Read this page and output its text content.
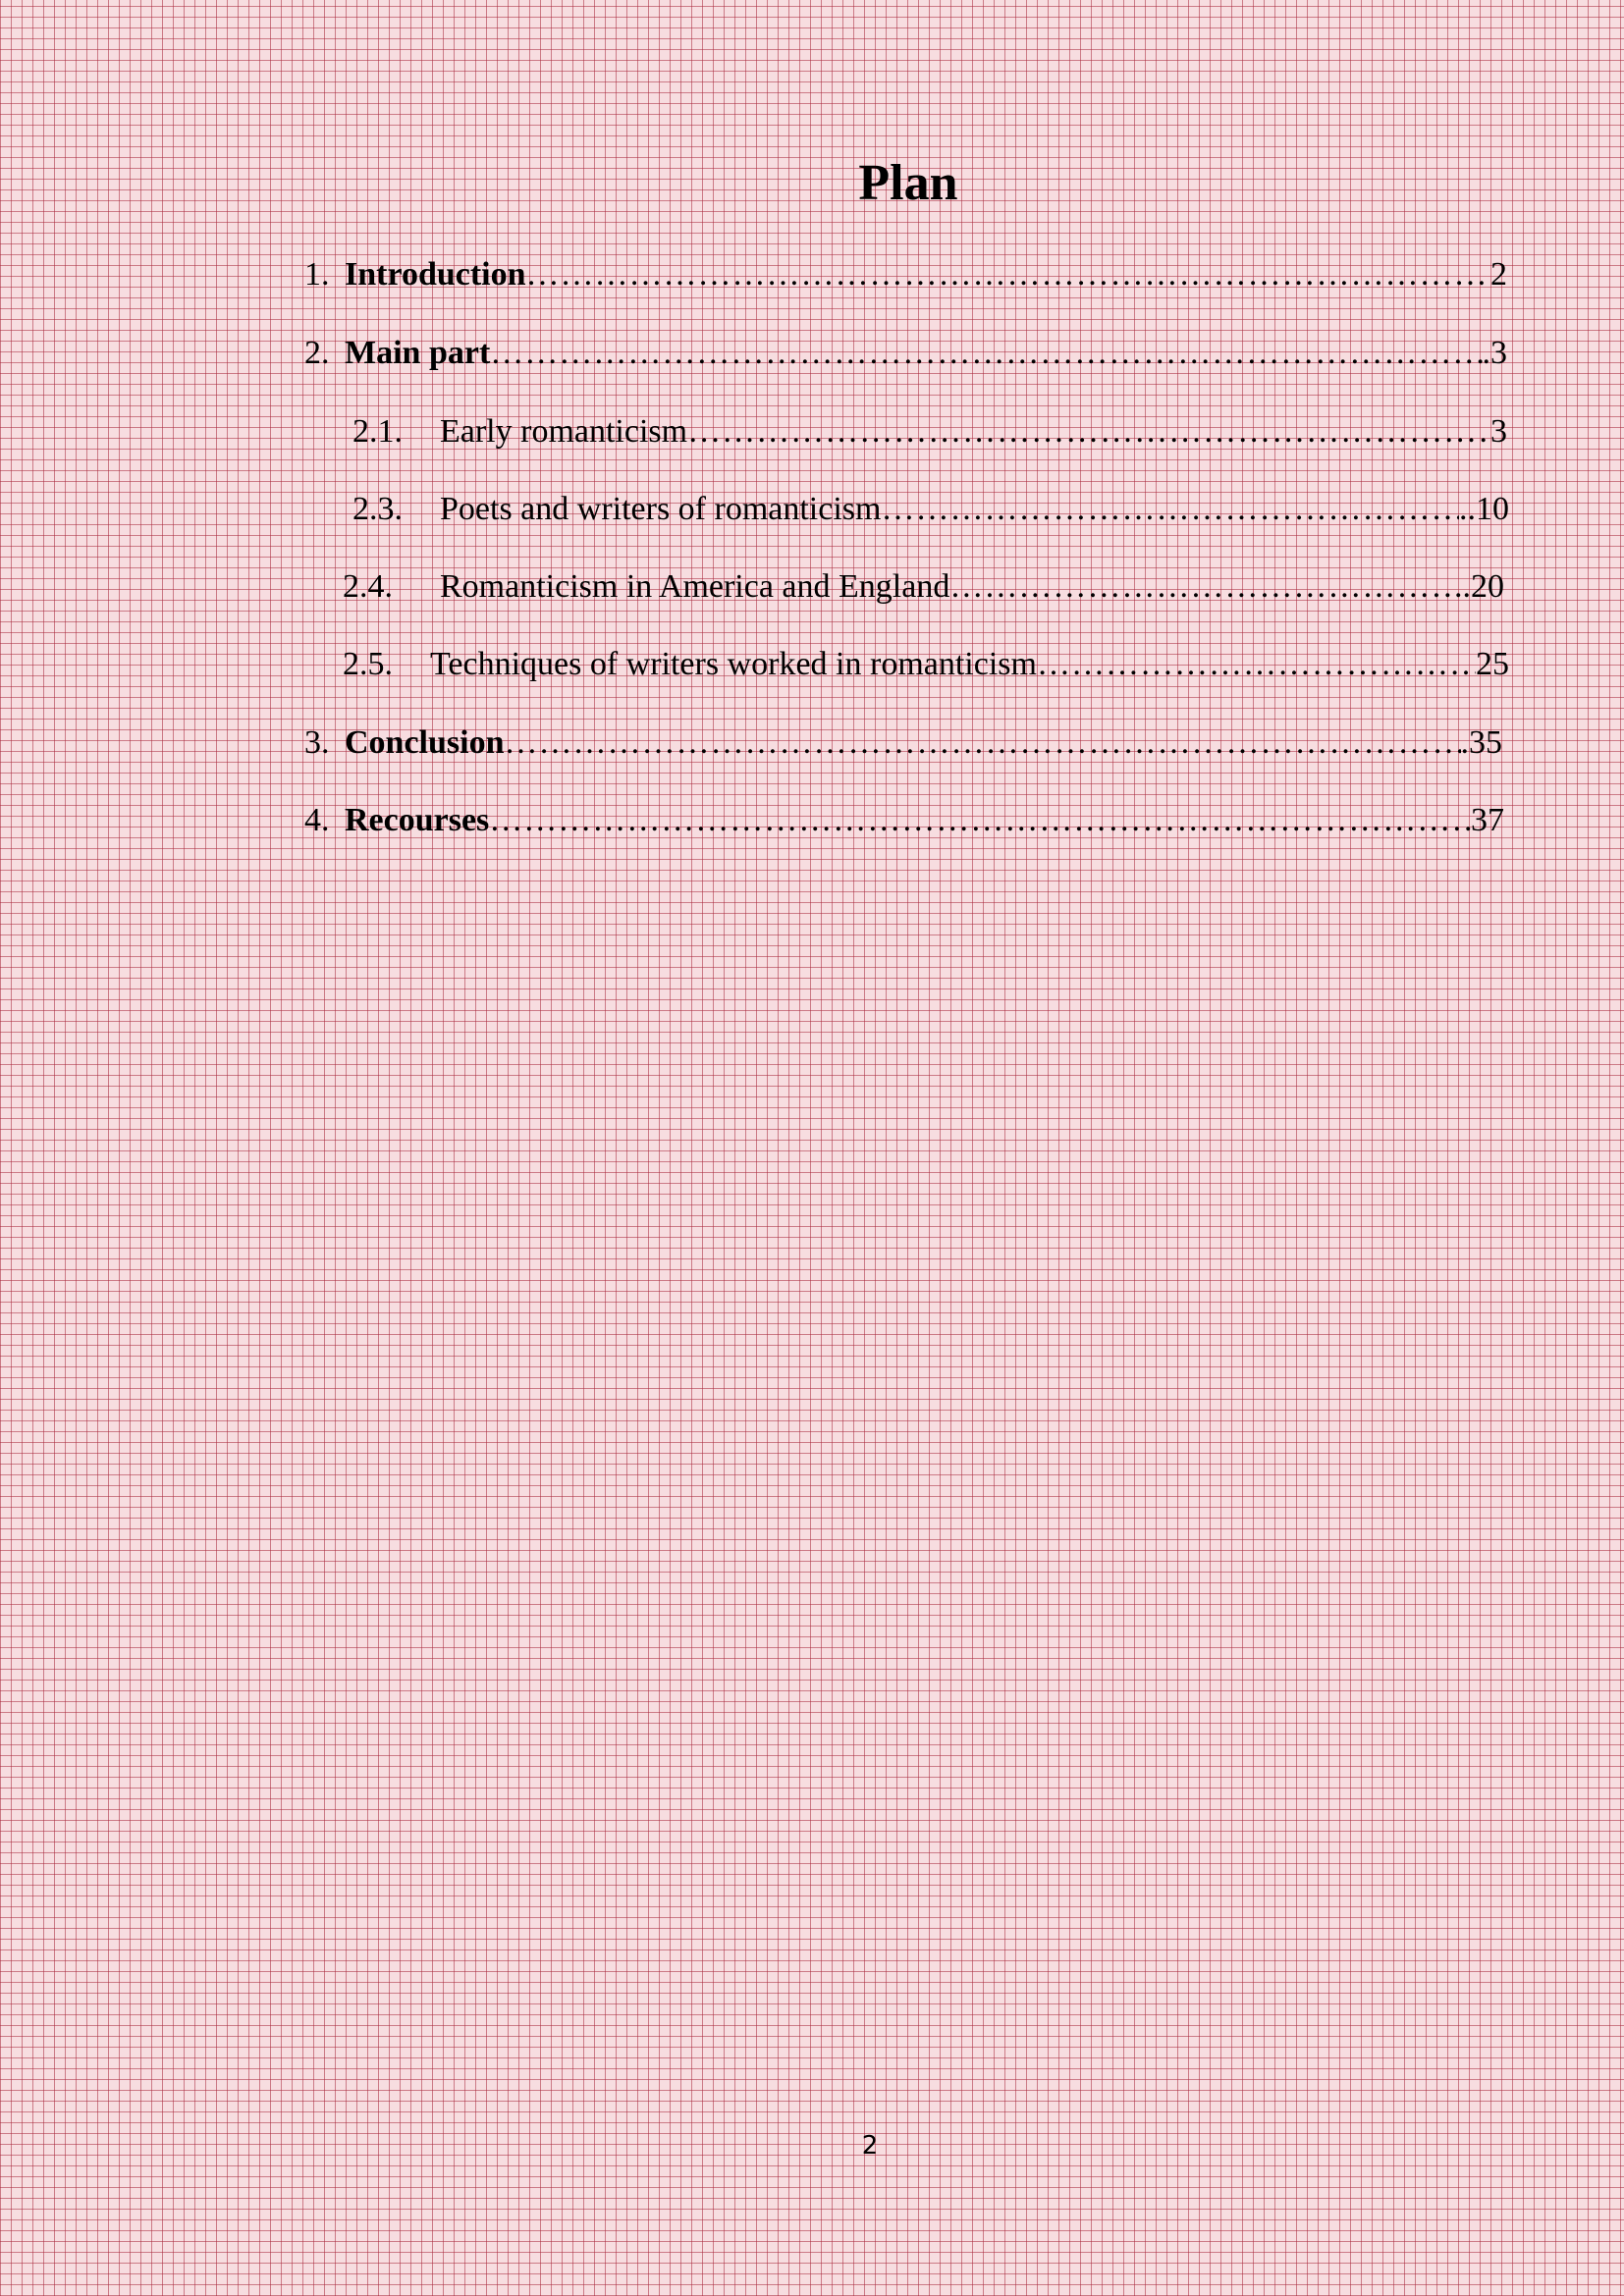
Plan
1. Introduction ………………………………………………………………………………………………………………………………………………………………………………	2
2. Main part ………………………………………………………………………………………………………………………………………………………………………………	.3
2.1.	Early romanticism ………………………………………………………………………………………………………………………………………………………………………………	3
2.3.	Poets and writers of romanticism ………………………………………………………………………………………………………………………………………………………………………………	..10
2.4.	Romanticism in America and England ………………………………………………………………………………………………………………………………………………………………………………	..20
2.5.	Techniques of writers worked in romanticism ………………………………………………………………………………………………………………………………………………………………………………	25
3. Conclusion ………………………………………………………………………………………………………………………………………………………………………………	.35
4. Recourses ………………………………………………………………………………………………………………………………………………………………………………	37
2
